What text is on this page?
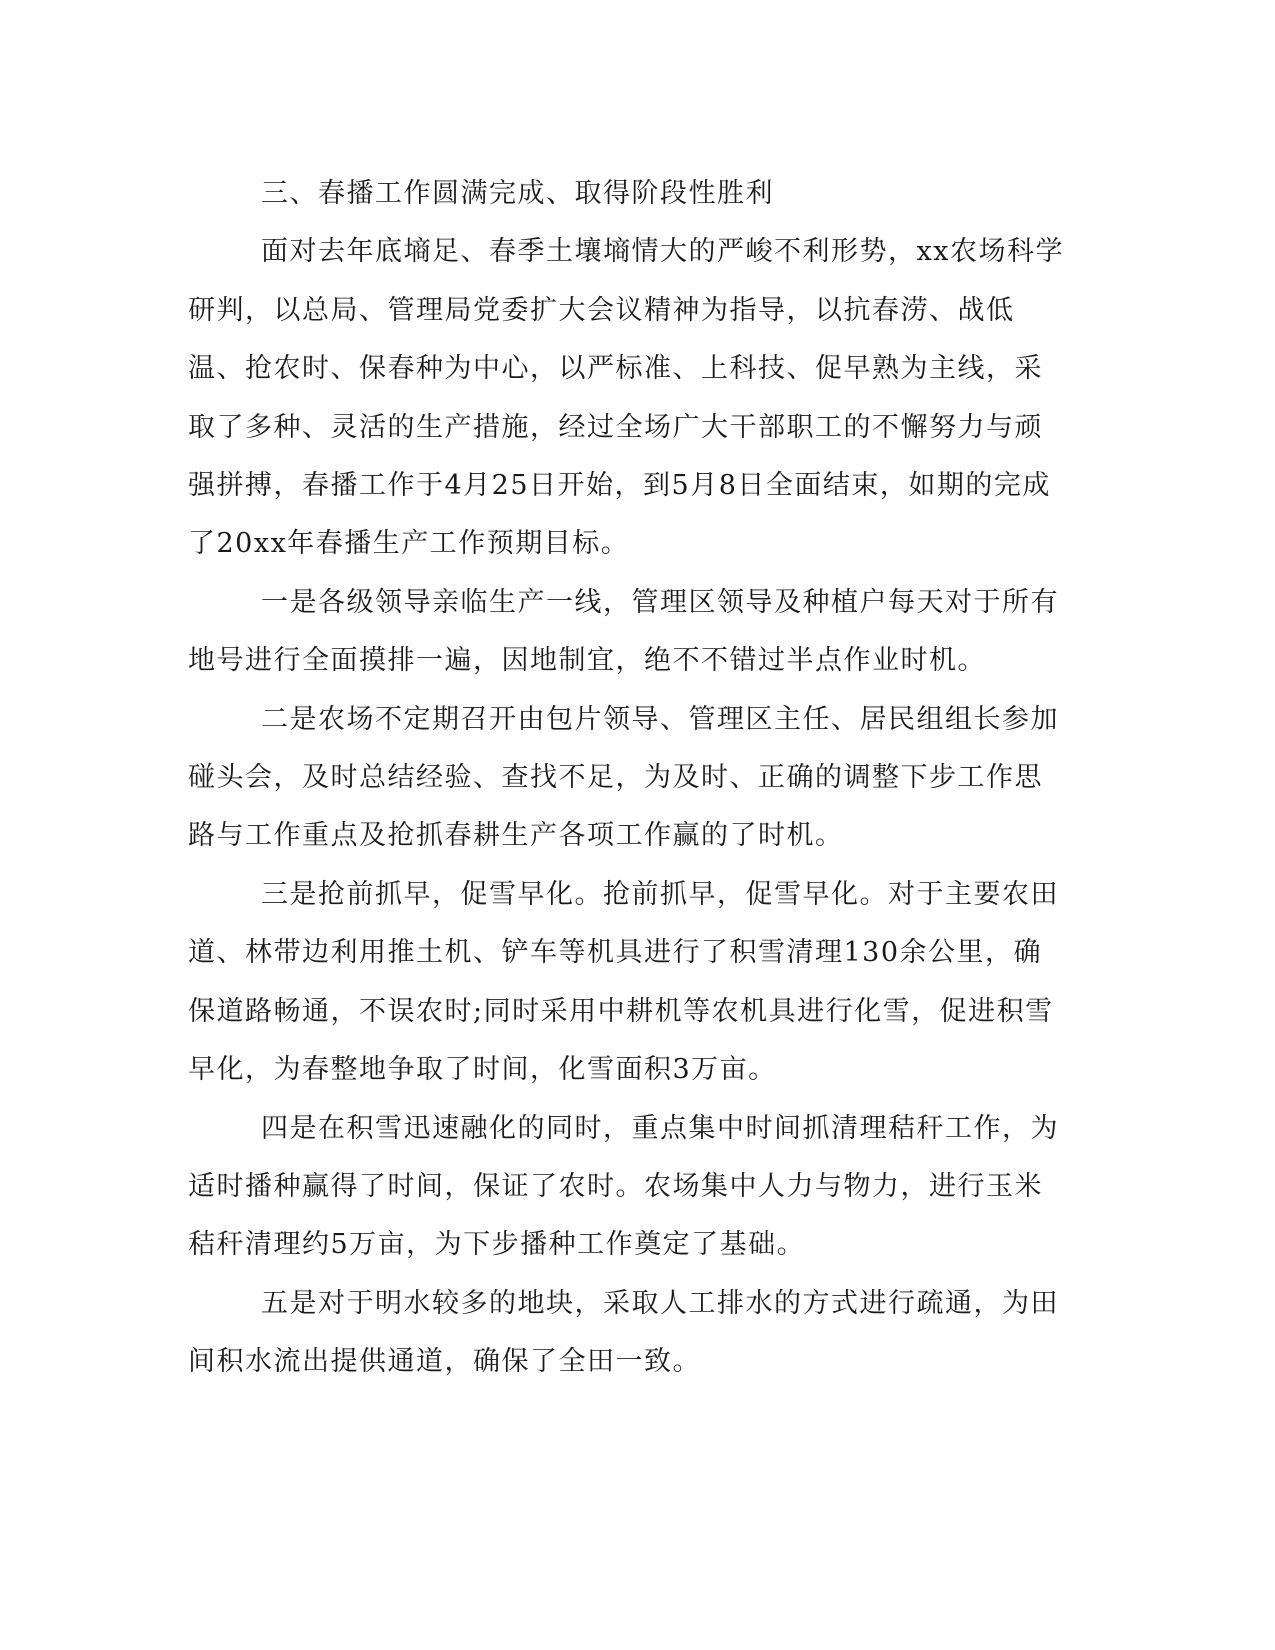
三、春播工作圆满完成、取得阶段性胜利

面对去年底墒足、春季土壤墒情大的严峻不利形势，xx农场科学研判，以总局、管理局党委扩大会议精神为指导，以抗春涝、战低温、抢农时、保春种为中心，以严标准、上科技、促早熟为主线，采取了多种、灵活的生产措施，经过全场广大干部职工的不懈努力与顽强拼搏，春播工作于4月25日开始，到5月8日全面结束，如期的完成了20xx年春播生产工作预期目标。

一是各级领导亲临生产一线，管理区领导及种植户每天对于所有地号进行全面摸排一遍，因地制宜，绝不不错过半点作业时机。

二是农场不定期召开由包片领导、管理区主任、居民组组长参加碰头会，及时总结经验、查找不足，为及时、正确的调整下步工作思路与工作重点及抢抓春耕生产各项工作赢的了时机。

三是抢前抓早，促雪早化。抢前抓早，促雪早化。对于主要农田道、林带边利用推土机、铲车等机具进行了积雪清理130余公里，确保道路畅通，不误农时;同时采用中耕机等农机具进行化雪，促进积雪早化，为春整地争取了时间，化雪面积3万亩。

四是在积雪迅速融化的同时，重点集中时间抓清理秸秆工作，为适时播种赢得了时间，保证了农时。农场集中人力与物力，进行玉米秸秆清理约5万亩，为下步播种工作奠定了基础。

五是对于明水较多的地块，采取人工排水的方式进行疏通，为田间积水流出提供通道，确保了全田一致。
